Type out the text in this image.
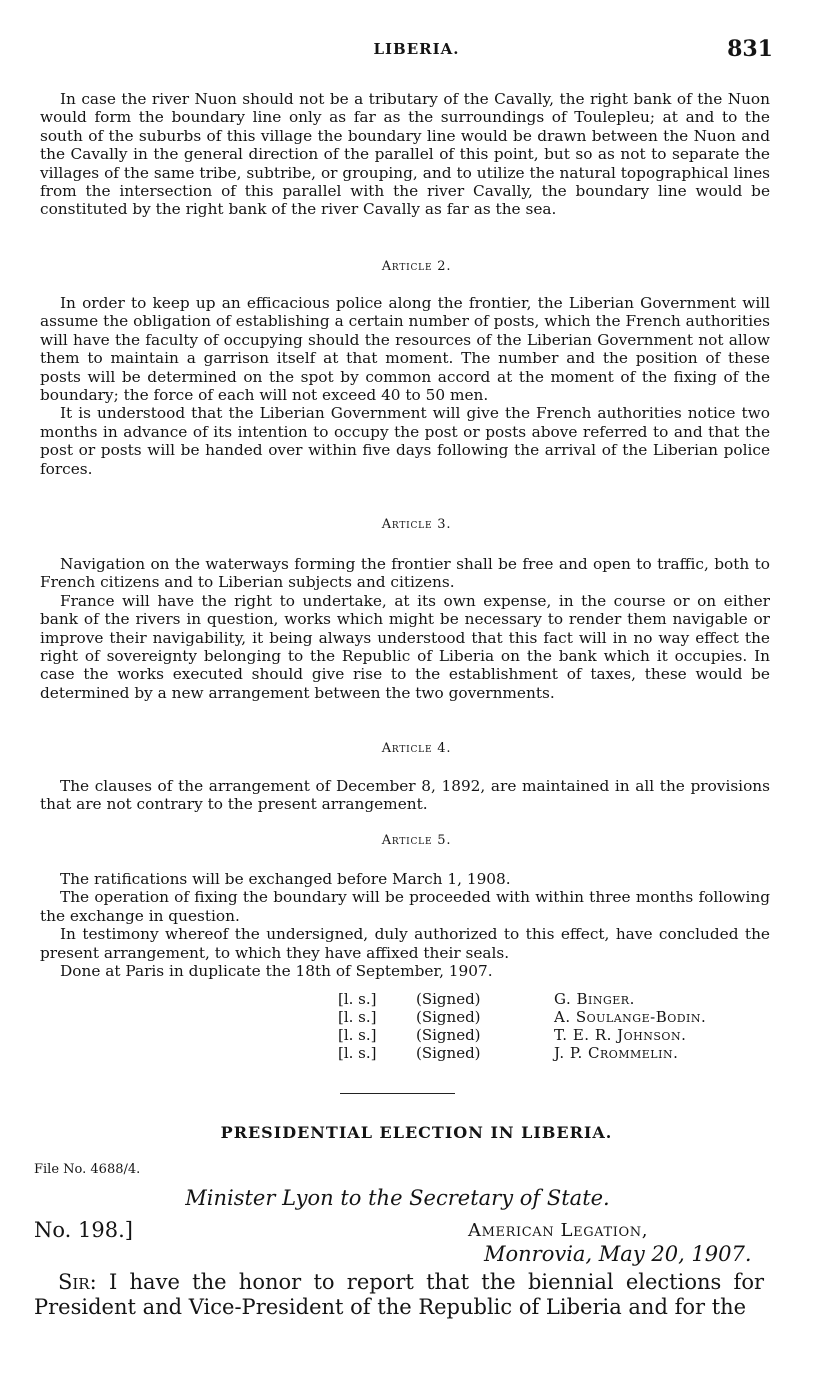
LIBERIA.	831

In case the river Nuon should not be a tributary of the Cavally, the right bank of the Nuon would form the boundary line only as far as the surroundings of Toulepleu; at and to the south of the suburbs of this village the boundary line would be drawn between the Nuon and the Cavally in the general direction of the parallel of this point, but so as not to separate the villages of the same tribe, subtribe, or grouping, and to utilize the natural topographical lines from the intersection of this parallel with the river Cavally, the boundary line would be constituted by the right bank of the river Cavally as far as the sea.

Article 2.

In order to keep up an efficacious police along the frontier, the Liberian Government will assume the obligation of establishing a certain number of posts, which the French authorities will have the faculty of occupying should the resources of the Liberian Government not allow them to maintain a garrison itself at that moment. The number and the position of these posts will be determined on the spot by common accord at the moment of the fixing of the boundary; the force of each will not exceed 40 to 50 men.

It is understood that the Liberian Government will give the French authorities notice two months in advance of its intention to occupy the post or posts above referred to and that the post or posts will be handed over within five days following the arrival of the Liberian police forces.

Article 3.

Navigation on the waterways forming the frontier shall be free and open to traffic, both to French citizens and to Liberian subjects and citizens.

France will have the right to undertake, at its own expense, in the course or on either bank of the rivers in question, works which might be necessary to render them navigable or improve their navigability, it being always understood that this fact will in no way effect the right of sovereignty belonging to the Republic of Liberia on the bank which it occupies. In case the works executed should give rise to the establishment of taxes, these would be determined by a new arrangement between the two governments.

Article 4.

The clauses of the arrangement of December 8, 1892, are maintained in all the provisions that are not contrary to the present arrangement.

Article 5.

The ratifications will be exchanged before March 1, 1908.

The operation of fixing the boundary will be proceeded with within three months following the exchange in question.

In testimony whereof the undersigned, duly authorized to this effect, have concluded the present arrangement, to which they have affixed their seals.

Done at Paris in duplicate the 18th of September, 1907.

[l. s.]	(Signed)	G. Binger.
[l. s.]	(Signed)	A. Soulange-Bodin.
[l. s.]	(Signed)	T. E. R. Johnson.
[l. s.]	(Signed)	J. P. Crommelin.
PRESIDENTIAL ELECTION IN LIBERIA.
File No. 4688/4.
Minister Lyon to the Secretary of State.
No. 198.]	American Legation,
Monrovia, May 20, 1907.

Sir: I have the honor to report that the biennial elections for President and Vice-President of the Republic of Liberia and for the
